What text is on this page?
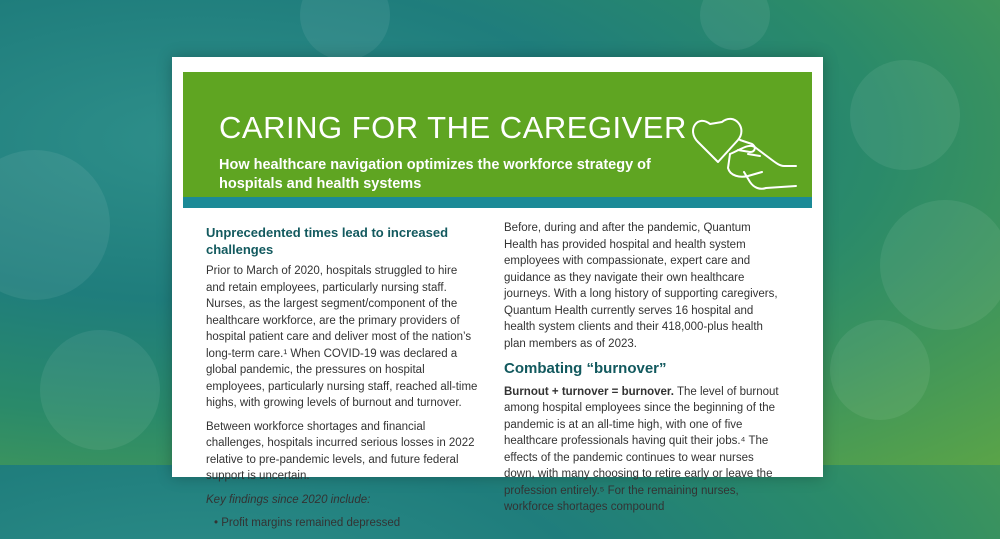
CARING FOR THE CAREGIVER

How healthcare navigation optimizes the workforce strategy of hospitals and health systems

Unprecedented times lead to increased challenges

Prior to March of 2020, hospitals struggled to hire and retain employees, particularly nursing staff. Nurses, as the largest segment/component of the healthcare workforce, are the primary providers of hospital patient care and deliver most of the nation’s long-term care.¹ When COVID-19 was declared a global pandemic, the pressures on hospital employees, particularly nursing staff, reached all-time highs, with growing levels of burnout and turnover.

Between workforce shortages and financial challenges, hospitals incurred serious losses in 2022 relative to pre-pandemic levels, and future federal support is uncertain.

Key findings since 2020 include:

• Profit margins remained depressed

Before, during and after the pandemic, Quantum Health has provided hospital and health system employees with compassionate, expert care and guidance as they navigate their own healthcare journeys. With a long history of supporting caregivers, Quantum Health currently serves 16 hospital and health system clients and their 418,000-plus health plan members as of 2023.

Combating “burnover”

Burnout + turnover = burnover. The level of burnout among hospital employees since the beginning of the pandemic is at an all-time high, with one of five healthcare professionals having quit their jobs.⁴ The effects of the pandemic continues to wear nurses down, with many choosing to retire early or leave the profession entirely.⁵ For the remaining nurses, workforce shortages compound
